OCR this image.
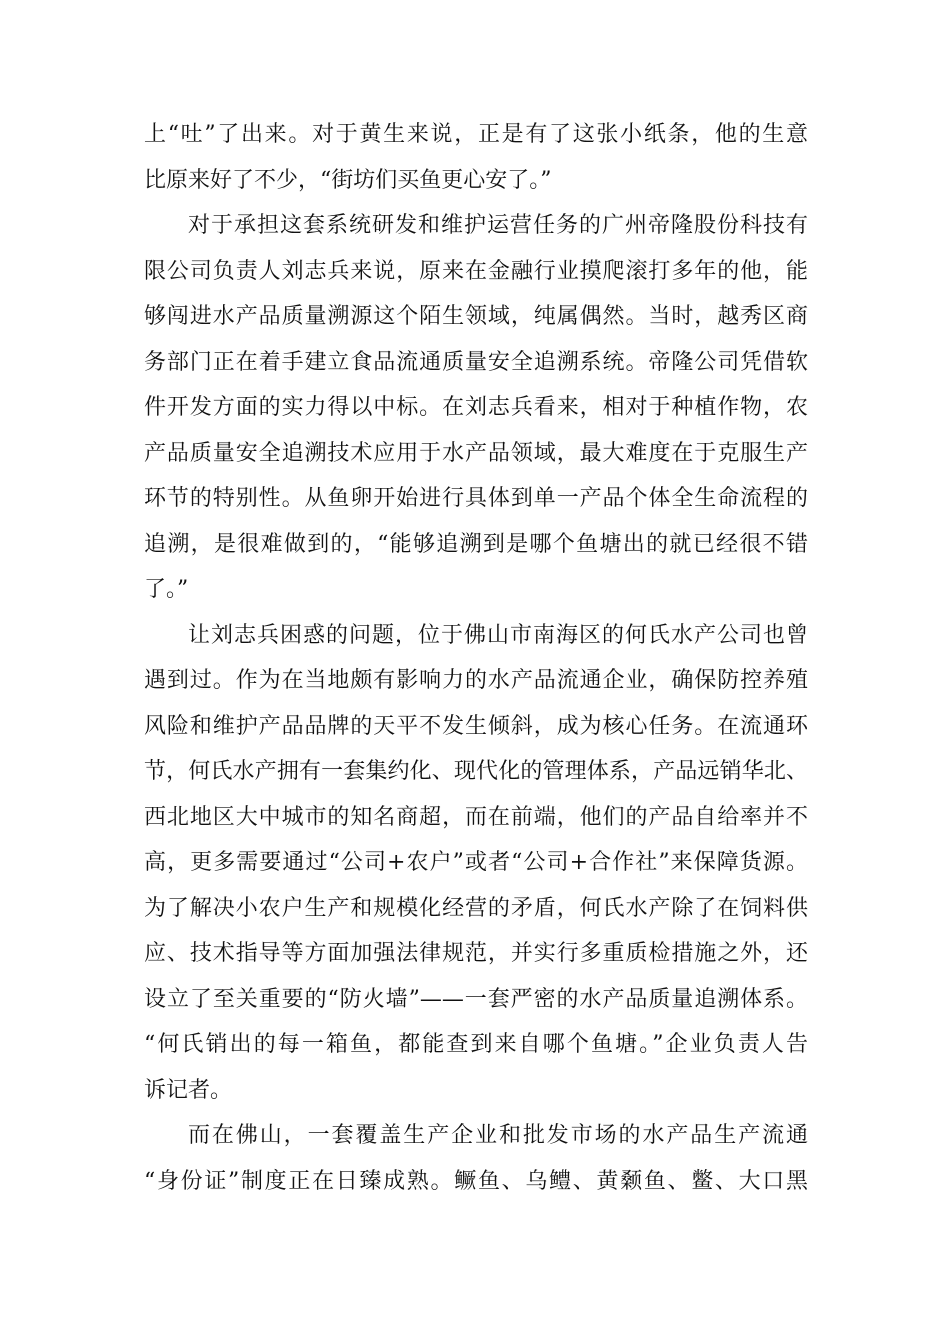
上“吐”了出来。对于黄生来说，正是有了这张小纸条，他的生意
比原来好了不少，“街坊们买鱼更心安了。”
对于承担这套系统研发和维护运营任务的广州帝隆股份科技有
限公司负责人刘志兵来说，原来在金融行业摸爬滚打多年的他，能
够闯进水产品质量溯源这个陌生领域，纯属偶然。当时，越秀区商
务部门正在着手建立食品流通质量安全追溯系统。帝隆公司凭借软
件开发方面的实力得以中标。在刘志兵看来，相对于种植作物，农
产品质量安全追溯技术应用于水产品领域，最大难度在于克服生产
环节的特别性。从鱼卵开始进行具体到单一产品个体全生命流程的
追溯，是很难做到的，“能够追溯到是哪个鱼塘出的就已经很不错
了。”
让刘志兵困惑的问题，位于佛山市南海区的何氏水产公司也曾
遇到过。作为在当地颇有影响力的水产品流通企业，确保防控养殖
风险和维护产品品牌的天平不发生倾斜，成为核心任务。在流通环
节，何氏水产拥有一套集约化、现代化的管理体系，产品远销华北、
西北地区大中城市的知名商超，而在前端，他们的产品自给率并不
高，更多需要通过“公司+农户”或者“公司+合作社”来保障货源。
为了解决小农户生产和规模化经营的矛盾，何氏水产除了在饲料供
应、技术指导等方面加强法律规范，并实行多重质检措施之外，还
设立了至关重要的“防火墙”——一套严密的水产品质量追溯体系。
“何氏销出的每一箱鱼，都能查到来自哪个鱼塘。”企业负责人告
诉记者。
而在佛山，一套覆盖生产企业和批发市场的水产品生产流通
“身份证”制度正在日臻成熟。鳜鱼、乌鳢、黄颡鱼、鳖、大口黑
